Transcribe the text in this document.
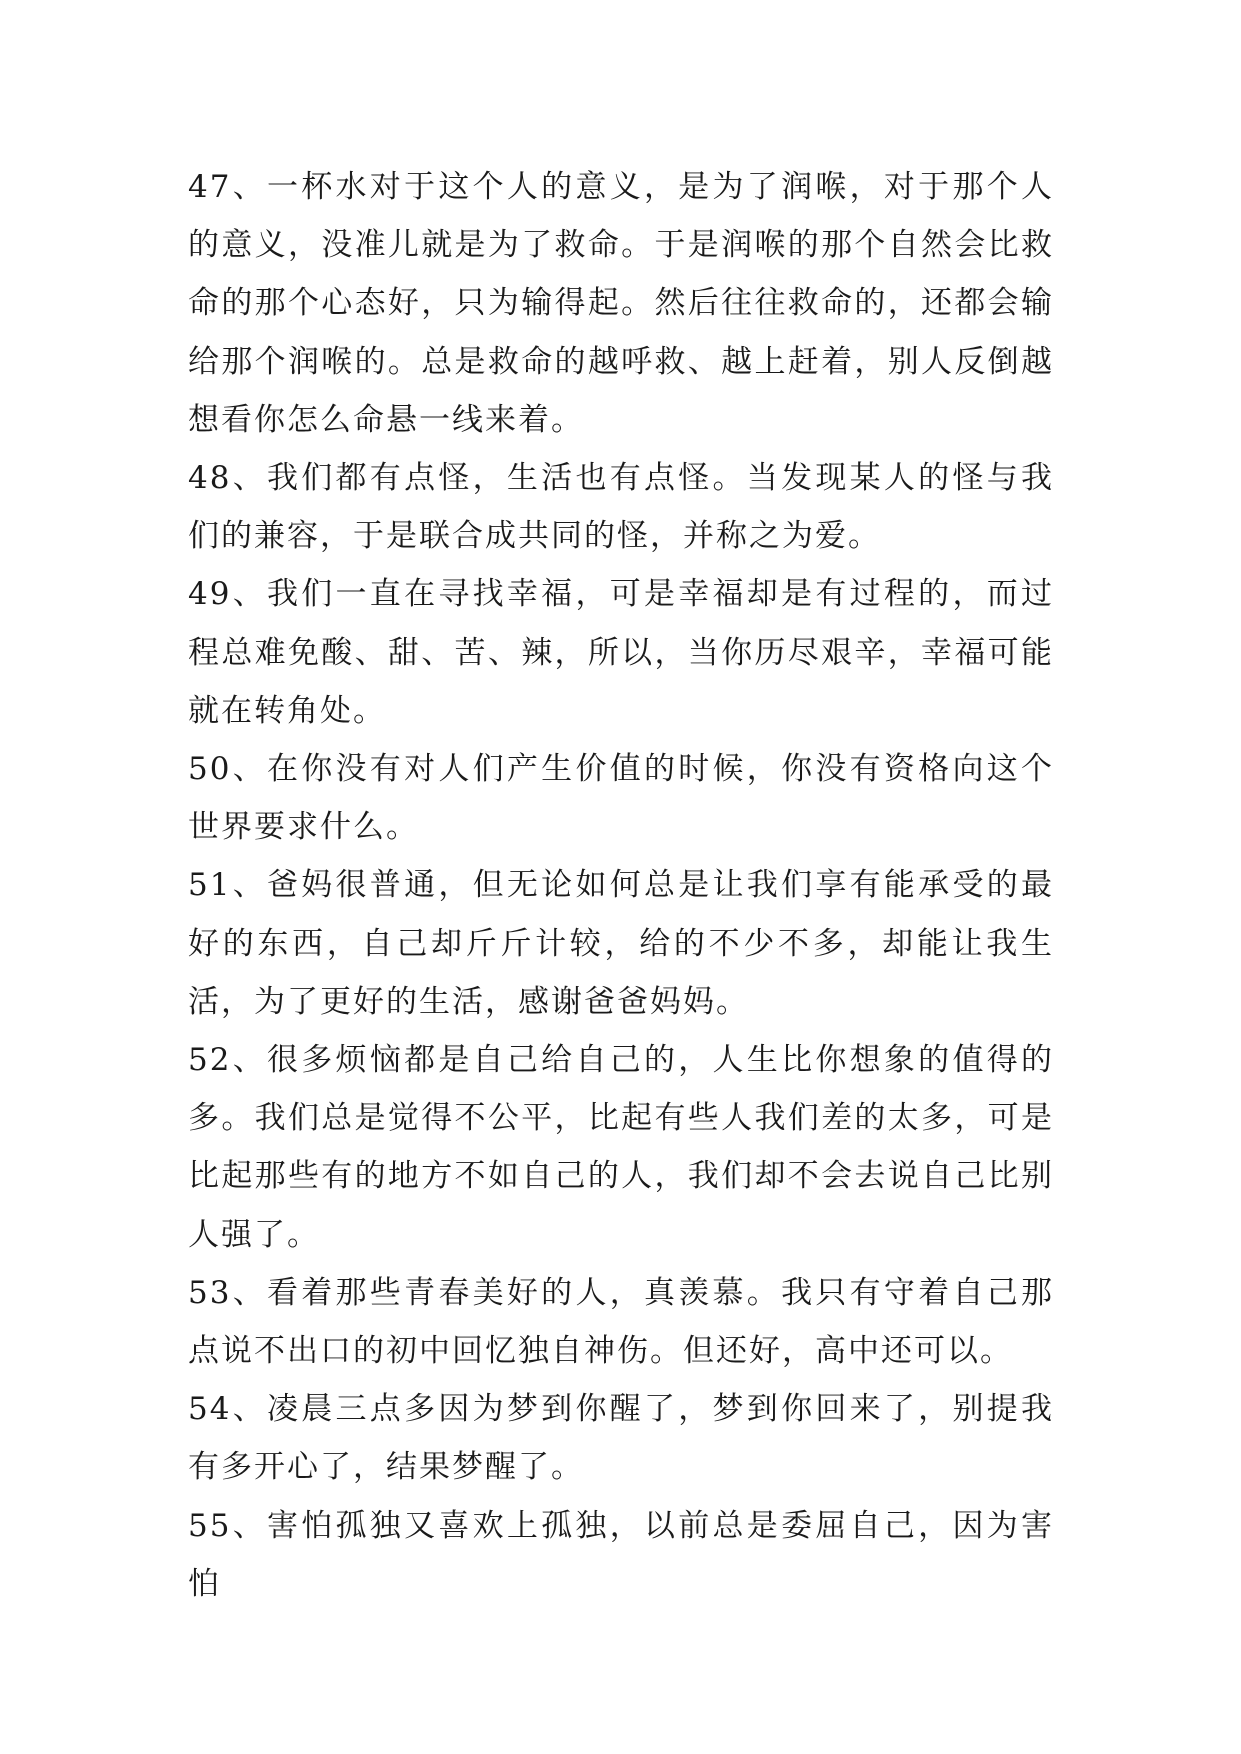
47、一杯水对于这个人的意义，是为了润喉，对于那个人的意义，没准儿就是为了救命。于是润喉的那个自然会比救命的那个心态好，只为输得起。然后往往救命的，还都会输给那个润喉的。总是救命的越呼救、越上赶着，别人反倒越想看你怎么命悬一线来着。

48、我们都有点怪，生活也有点怪。当发现某人的怪与我们的兼容，于是联合成共同的怪，并称之为爱。

49、我们一直在寻找幸福，可是幸福却是有过程的，而过程总难免酸、甜、苦、辣，所以，当你历尽艰辛，幸福可能就在转角处。

50、在你没有对人们产生价值的时候，你没有资格向这个世界要求什么。

51、爸妈很普通，但无论如何总是让我们享有能承受的最好的东西，自己却斤斤计较，给的不少不多，却能让我生活，为了更好的生活，感谢爸爸妈妈。

52、很多烦恼都是自己给自己的，人生比你想象的值得的多。我们总是觉得不公平，比起有些人我们差的太多，可是比起那些有的地方不如自己的人，我们却不会去说自己比别人强了。

53、看着那些青春美好的人，真羡慕。我只有守着自己那点说不出口的初中回忆独自神伤。但还好，高中还可以。

54、凌晨三点多因为梦到你醒了，梦到你回来了，别提我有多开心了，结果梦醒了。

55、害怕孤独又喜欢上孤独，以前总是委屈自己，因为害怕
